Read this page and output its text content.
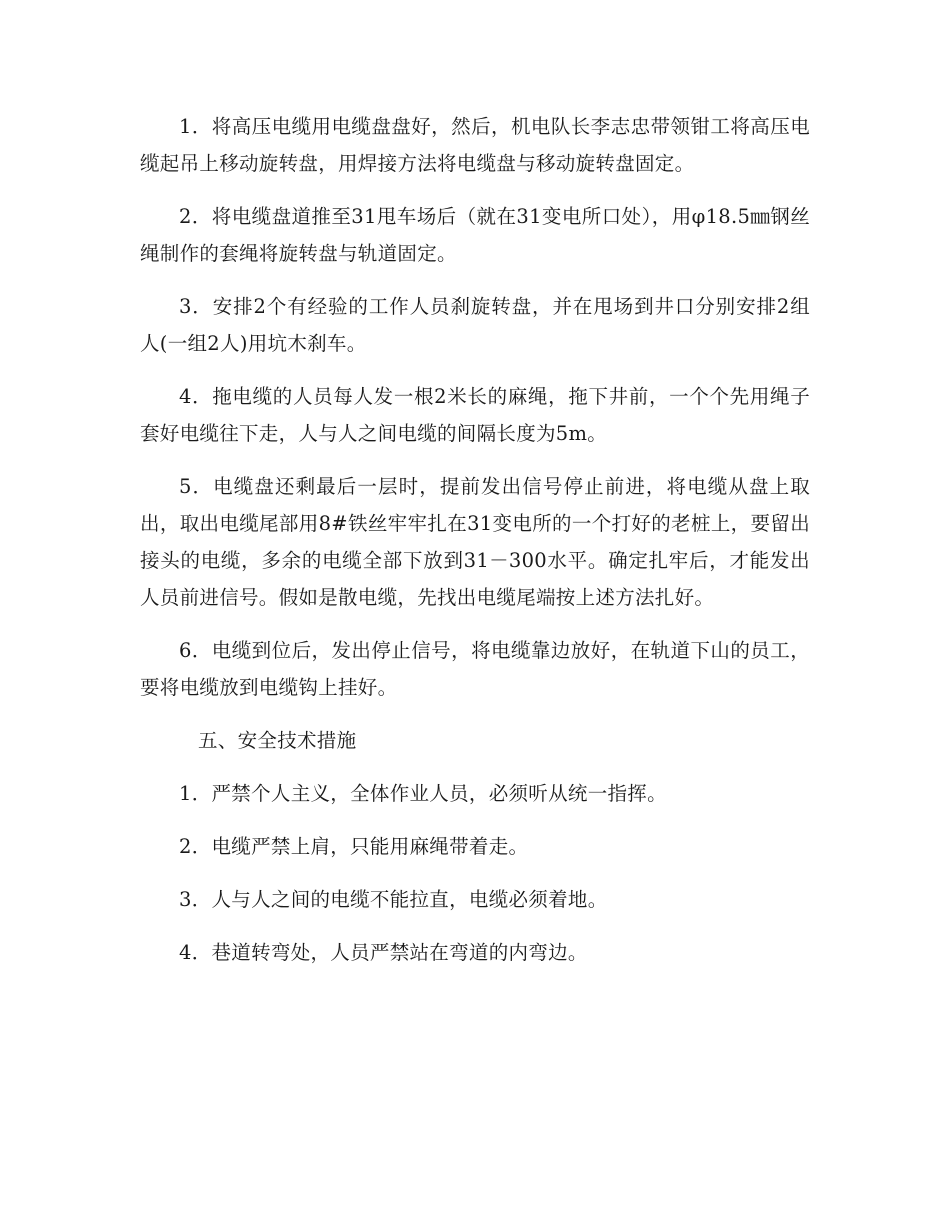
1．将高压电缆用电缆盘盘好，然后，机电队长李志忠带领钳工将高压电缆起吊上移动旋转盘，用焊接方法将电缆盘与移动旋转盘固定。

2．将电缆盘道推至31甩车场后（就在31变电所口处），用φ18.5㎜钢丝绳制作的套绳将旋转盘与轨道固定。

3．安排2个有经验的工作人员刹旋转盘，并在甩场到井口分别安排2组人(一组2人)用坑木刹车。

4．拖电缆的人员每人发一根2米长的麻绳，拖下井前，一个个先用绳子套好电缆往下走，人与人之间电缆的间隔长度为5m。

5．电缆盘还剩最后一层时，提前发出信号停止前进，将电缆从盘上取出，取出电缆尾部用8#铁丝牢牢扎在31变电所的一个打好的老桩上，要留出接头的电缆，多余的电缆全部下放到31－300水平。确定扎牢后，才能发出人员前进信号。假如是散电缆，先找出电缆尾端按上述方法扎好。

6．电缆到位后，发出停止信号，将电缆靠边放好，在轨道下山的员工，要将电缆放到电缆钩上挂好。

五、安全技术措施

1．严禁个人主义，全体作业人员，必须听从统一指挥。

2．电缆严禁上肩，只能用麻绳带着走。

3．人与人之间的电缆不能拉直，电缆必须着地。

4．巷道转弯处，人员严禁站在弯道的内弯边。
